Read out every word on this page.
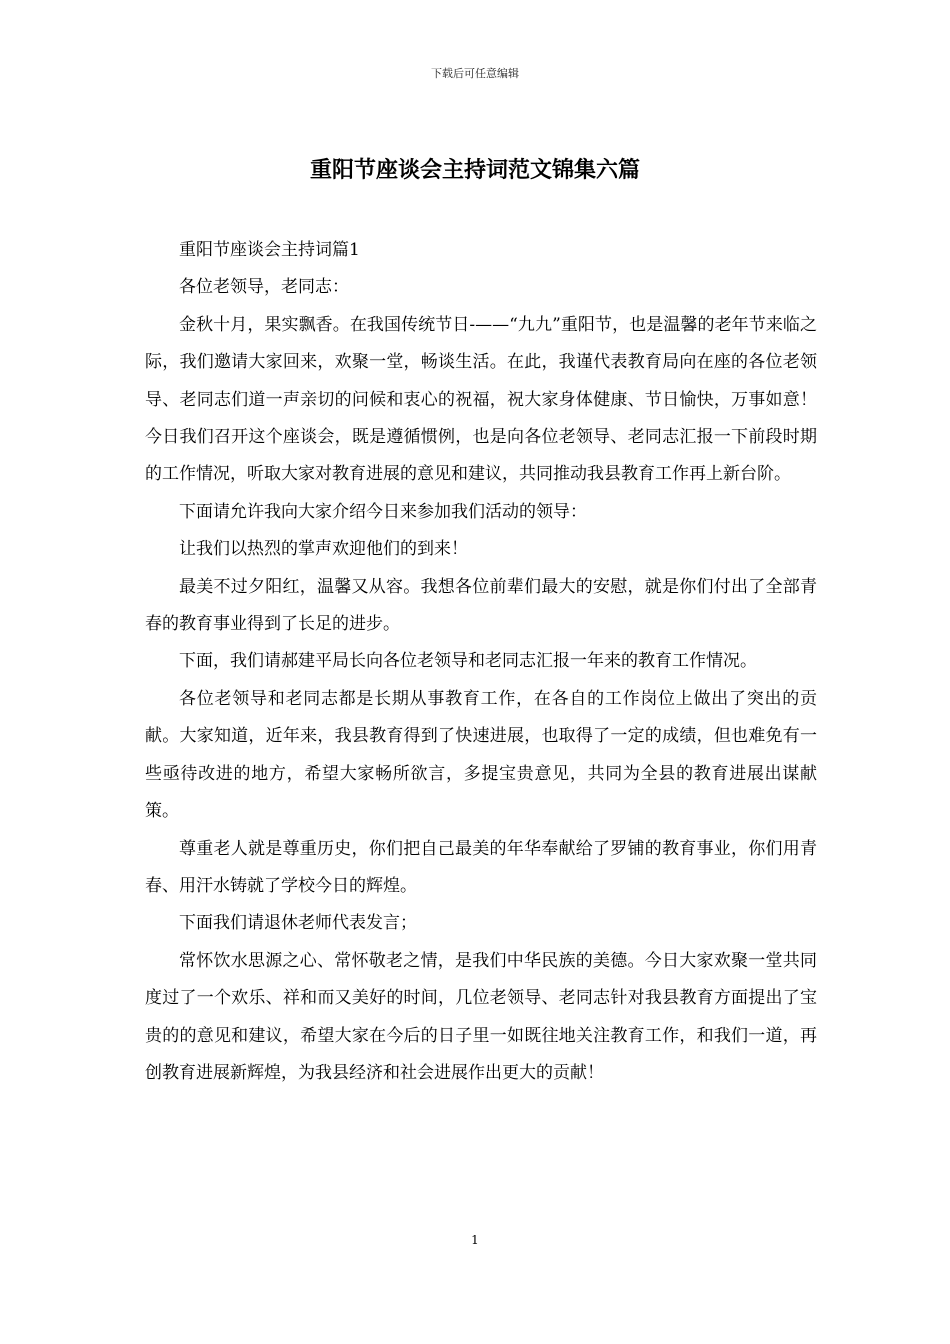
下载后可任意编辑
重阳节座谈会主持词范文锦集六篇

重阳节座谈会主持词篇1

各位老领导，老同志：

金秋十月，果实飘香。在我国传统节日-——“九九”重阳节，也是温馨的老年节来临之际，我们邀请大家回来，欢聚一堂，畅谈生活。在此，我谨代表教育局向在座的各位老领导、老同志们道一声亲切的问候和衷心的祝福，祝大家身体健康、节日愉快，万事如意！今日我们召开这个座谈会，既是遵循惯例，也是向各位老领导、老同志汇报一下前段时期的工作情况，听取大家对教育进展的意见和建议，共同推动我县教育工作再上新台阶。

下面请允许我向大家介绍今日来参加我们活动的领导：

让我们以热烈的掌声欢迎他们的到来！

最美不过夕阳红，温馨又从容。我想各位前辈们最大的安慰，就是你们付出了全部青春的教育事业得到了长足的进步。

下面，我们请郝建平局长向各位老领导和老同志汇报一年来的教育工作情况。

各位老领导和老同志都是长期从事教育工作，在各自的工作岗位上做出了突出的贡献。大家知道，近年来，我县教育得到了快速进展，也取得了一定的成绩，但也难免有一些亟待改进的地方，希望大家畅所欲言，多提宝贵意见，共同为全县的教育进展出谋献策。

尊重老人就是尊重历史，你们把自己最美的年华奉献给了罗铺的教育事业，你们用青春、用汗水铸就了学校今日的辉煌。

下面我们请退休老师代表发言；

常怀饮水思源之心、常怀敬老之情，是我们中华民族的美德。今日大家欢聚一堂共同度过了一个欢乐、祥和而又美好的时间，几位老领导、老同志针对我县教育方面提出了宝贵的的意见和建议，希望大家在今后的日子里一如既往地关注教育工作，和我们一道，再创教育进展新辉煌，为我县经济和社会进展作出更大的贡献！

1
